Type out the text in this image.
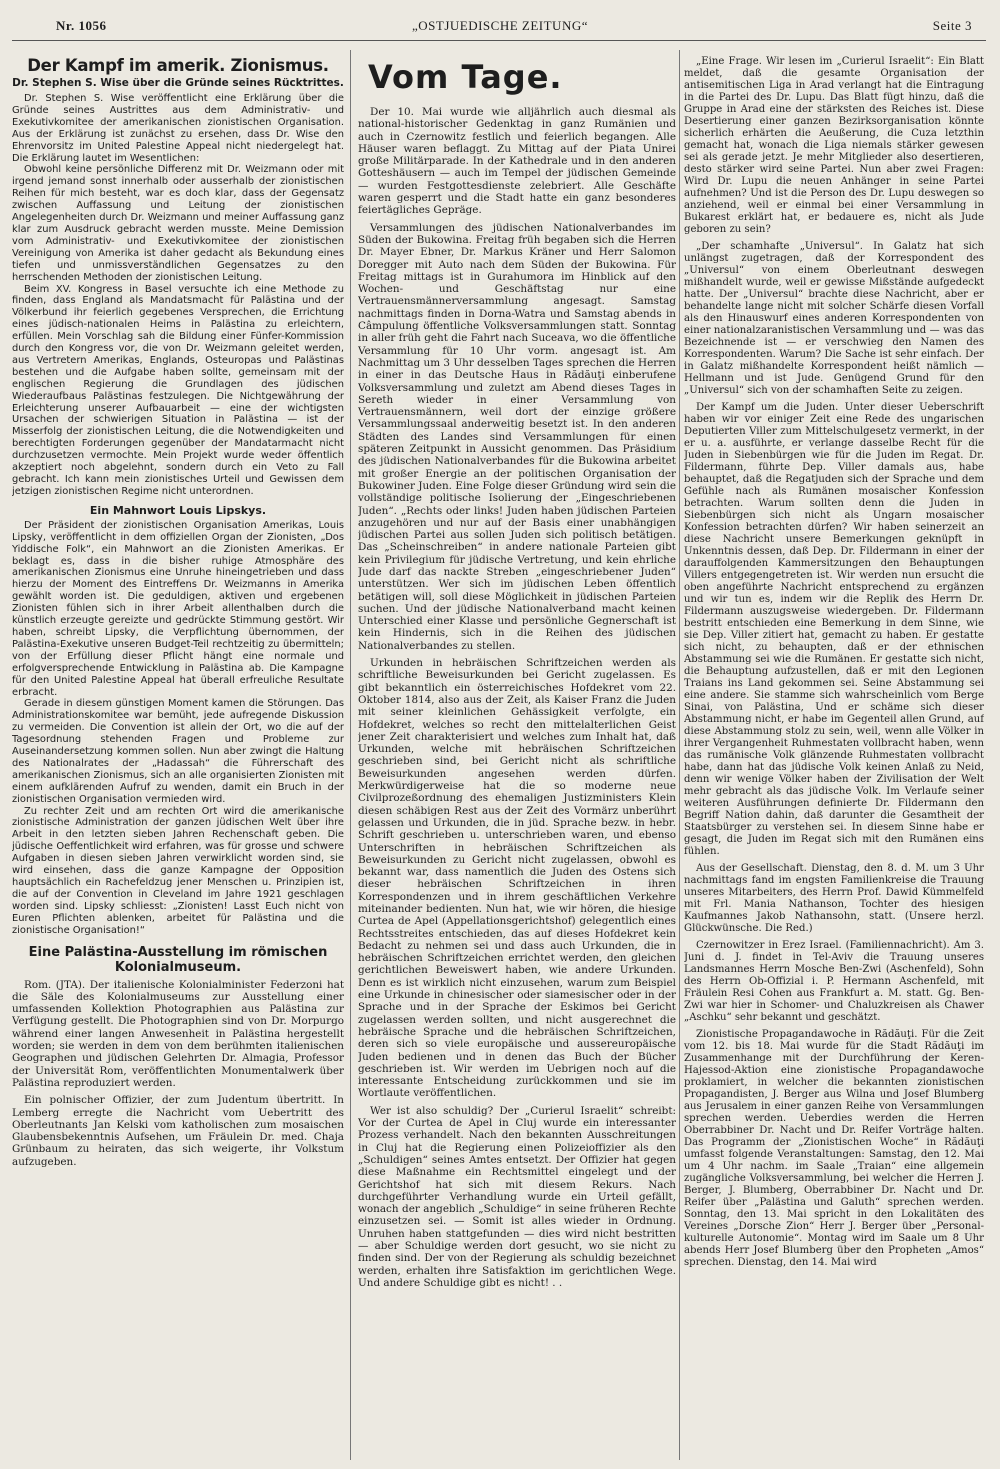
Nr. 1056	„OSTJUEDISCHE ZEITUNG“	Seite 3
Der Kampf im amerik. Zionismus.
Dr. Stephen S. Wise über die Gründe seines Rücktrittes.

Dr. Stephen S. Wise veröffentlicht eine Erklärung über die Gründe seines Austrittes aus dem Administrativ- und Exekutivkomitee der amerikanischen zionistischen Organisation. Aus der Erklärung ist zunächst zu ersehen, dass Dr. Wise den Ehrenvorsitz im United Palestine Appeal nicht niedergelegt hat. Die Erklärung lautet im Wesentlichen:

Obwohl keine persönliche Differenz mit Dr. Weizmann oder mit irgend jemand sonst innerhalb oder ausserhalb der zionistischen Reihen für mich besteht, war es doch klar, dass der Gegensatz zwischen Auffassung und Leitung der zionistischen Angelegenheiten durch Dr. Weizmann und meiner Auffassung ganz klar zum Ausdruck gebracht werden musste. Meine Demission vom Administrativ- und Exekutivkomitee der zionistischen Vereinigung von Amerika ist daher gedacht als Bekundung eines tiefen und unmissverständlichen Gegensatzes zu den herrschenden Methoden der zionistischen Leitung.

Beim XV. Kongress in Basel versuchte ich eine Methode zu finden, dass England als Mandatsmacht für Palästina und der Völkerbund ihr feierlich gegebenes Versprechen, die Errichtung eines jüdisch-nationalen Heims in Palästina zu erleichtern, erfüllen. Mein Vorschlag sah die Bildung einer Fünfer-Kommission durch den Kongress vor, die von Dr. Weizmann geleitet werden, aus Vertretern Amerikas, Englands, Osteuropas und Palästinas bestehen und die Aufgabe haben sollte, gemeinsam mit der englischen Regierung die Grundlagen des jüdischen Wiederaufbaus Palästinas festzulegen. Die Nichtgewährung der Erleichterung unserer Aufbauarbeit — eine der wichtigsten Ursachen der schwierigen Situation in Palästina — ist der Misserfolg der zionistischen Leitung, die die Notwendigkeiten und berechtigten Forderungen gegenüber der Mandatarmacht nicht durchzusetzen vermochte. Mein Projekt wurde weder öffentlich akzeptiert noch abgelehnt, sondern durch ein Veto zu Fall gebracht. Ich kann mein zionistisches Urteil und Gewissen dem jetzigen zionistischen Regime nicht unterordnen.

Ein Mahnwort Louis Lipskys.

Der Präsident der zionistischen Organisation Amerikas, Louis Lipsky, veröffentlicht in dem offiziellen Organ der Zionisten, „Dos Yiddische Folk“, ein Mahnwort an die Zionisten Amerikas. Er beklagt es, dass in die bisher ruhige Atmosphäre des amerikanischen Zionismus eine Unruhe hineingetrieben und dass hierzu der Moment des Eintreffens Dr. Weizmanns in Amerika gewählt worden ist. Die geduldigen, aktiven und ergebenen Zionisten fühlen sich in ihrer Arbeit allenthalben durch die künstlich erzeugte gereizte und gedrückte Stimmung gestört. Wir haben, schreibt Lipsky, die Verpflichtung übernommen, der Palästina-Exekutive unseren Budget-Teil rechtzeitig zu übermitteln; von der Erfüllung dieser Pflicht hängt eine normale und erfolgversprechende Entwicklung in Palästina ab. Die Kampagne für den United Palestine Appeal hat überall erfreuliche Resultate erbracht.

Gerade in diesem günstigen Moment kamen die Störungen. Das Administrationskomitee war bemüht, jede aufregende Diskussion zu vermeiden. Die Convention ist allein der Ort, wo die auf der Tagesordnung stehenden Fragen und Probleme zur Auseinandersetzung kommen sollen. Nun aber zwingt die Haltung des Nationalrates der „Hadassah“ die Führerschaft des amerikanischen Zionismus, sich an alle organisierten Zionisten mit einem aufklärenden Aufruf zu wenden, damit ein Bruch in der zionistischen Organisation vermieden wird.

Zu rechter Zeit und am rechten Ort wird die amerikanische zionistische Administration der ganzen jüdischen Welt über ihre Arbeit in den letzten sieben Jahren Rechenschaft geben. Die jüdische Oeffentlichkeit wird erfahren, was für grosse und schwere Aufgaben in diesen sieben Jahren verwirklicht worden sind, sie wird einsehen, dass die ganze Kampagne der Opposition hauptsächlich ein Rachefeldzug jener Menschen u. Prinzipien ist, die auf der Convention in Cleveland im Jahre 1921 geschlagen worden sind. Lipsky schliesst: „Zionisten! Lasst Euch nicht von Euren Pflichten ablenken, arbeitet für Palästina und die zionistische Organisation!“

Eine Palästina-Ausstellung im römischen Kolonialmuseum.

Rom. (JTA). Der italienische Kolonialminister Federzoni hat die Säle des Kolonialmuseums zur Ausstellung einer umfassenden Kollektion Photographien aus Palästina zur Verfügung gestellt. Die Photographien sind von Dr. Morpurgo während einer langen Anwesenheit in Palästina hergestellt worden; sie werden in dem von dem berühmten italienischen Geographen und jüdischen Gelehrten Dr. Almagia, Professor der Universität Rom, veröffentlichten Monumentalwerk über Palästina reproduziert werden.

Ein polnischer Offizier, der zum Judentum übertritt. In Lemberg erregte die Nachricht vom Uebertritt des Oberleutnants Jan Kelski vom katholischen zum mosaischen Glaubensbekenntnis Aufsehen, um Fräulein Dr. med. Chaja Grünbaum zu heiraten, das sich weigerte, ihr Volkstum aufzugeben.

Vom Tage.

Der 10. Mai wurde wie alljährlich auch diesmal als national-historischer Gedenktag in ganz Rumänien und auch in Czernowitz festlich und feierlich begangen. Alle Häuser waren beflaggt. Zu Mittag auf der Piata Unirei große Militärparade. In der Kathedrale und in den anderen Gotteshäusern — auch im Tempel der jüdischen Gemeinde — wurden Festgottesdienste zelebriert. Alle Geschäfte waren gesperrt und die Stadt hatte ein ganz besonderes feiertägliches Gepräge.

Versammlungen des jüdischen Nationalverbandes im Süden der Bukowina. Freitag früh begaben sich die Herren Dr. Mayer Ebner, Dr. Markus Kräner und Herr Salomon Doregger mit Auto nach dem Süden der Bukowina. Für Freitag mittags ist in Gurahumora im Hinblick auf den Wochen- und Geschäftstag nur eine Vertrauensmännerversammlung angesagt. Samstag nachmittags finden in Dorna-Watra und Samstag abends in Câmpulung öffentliche Volksversammlungen statt. Sonntag in aller früh geht die Fahrt nach Suceava, wo die öffentliche Versammlung für 10 Uhr vorm. angesagt ist. Am Nachmittag um 3 Uhr desselben Tages sprechen die Herren in einer in das Deutsche Haus in Rădăuţi einberufene Volksversammlung und zuletzt am Abend dieses Tages in Sereth wieder in einer Versammlung von Vertrauensmännern, weil dort der einzige größere Versammlungssaal anderweitig besetzt ist. In den anderen Städten des Landes sind Versammlungen für einen späteren Zeitpunkt in Aussicht genommen. Das Präsidium des jüdischen Nationalverbandes für die Bukowina arbeitet mit großer Energie an der politischen Organisation der Bukowiner Juden. Eine Folge dieser Gründung wird sein die vollständige politische Isolierung der „Eingeschriebenen Juden“. „Rechts oder links! Juden haben jüdischen Parteien anzugehören und nur auf der Basis einer unabhängigen jüdischen Partei aus sollen Juden sich politisch betätigen. Das „Scheinschreiben“ in andere nationale Parteien gibt kein Privilegium für jüdische Vertretung, und kein ehrliche Jude darf das nackte Streben „eingeschriebener Juden“ unterstützen. Wer sich im jüdischen Leben öffentlich betätigen will, soll diese Möglichkeit in jüdischen Parteien suchen. Und der jüdische Nationalverband macht keinen Unterschied einer Klasse und persönliche Gegnerschaft ist kein Hindernis, sich in die Reihen des jüdischen Nationalverbandes zu stellen.

Urkunden in hebräischen Schriftzeichen werden als schriftliche Beweisurkunden bei Gericht zugelassen. Es gibt bekanntlich ein österreichisches Hofdekret vom 22. Oktober 1814, also aus der Zeit, als Kaiser Franz die Juden mit seiner kleinlichen Gehässigkeit verfolgte, ein Hofdekret, welches so recht den mittelalterlichen Geist jener Zeit charakterisiert und welches zum Inhalt hat, daß Urkunden, welche mit hebräischen Schriftzeichen geschrieben sind, bei Gericht nicht als schriftliche Beweisurkunden angesehen werden dürfen. Merkwürdigerweise hat die so moderne neue Civilprozeßordnung des ehemaligen Justizministers Klein diesen schäbigen Rest aus der Zeit des Vormärz unberührt gelassen und Urkunden, die in jüd. Sprache bezw. in hebr. Schrift geschrieben u. unterschrieben waren, und ebenso Unterschriften in hebräischen Schriftzeichen als Beweisurkunden zu Gericht nicht zugelassen, obwohl es bekannt war, dass namentlich die Juden des Ostens sich dieser hebräischen Schriftzeichen in ihren Korrespondenzen und in ihrem geschäftlichen Verkehre miteinander bedienten. Nun hat, wie wir hören, die hiesige Curtea de Apel (Appellationsgerichtshof) gelegentlich eines Rechtsstreites entschieden, das auf dieses Hofdekret kein Bedacht zu nehmen sei und dass auch Urkunden, die in hebräischen Schriftzeichen errichtet werden, den gleichen gerichtlichen Beweiswert haben, wie andere Urkunden. Denn es ist wirklich nicht einzusehen, warum zum Beispiel eine Urkunde in chinesischer oder siamesischer oder in der Sprache und in der Sprache der Eskimos bei Gericht zugelassen werden sollten, und nicht ausgerechnet die hebräische Sprache und die hebräischen Schriftzeichen, deren sich so viele europäische und aussereuropäische Juden bedienen und in denen das Buch der Bücher geschrieben ist. Wir werden im Uebrigen noch auf die interessante Entscheidung zurückkommen und sie im Wortlaute veröffentlichen.

Wer ist also schuldig? Der „Curierul Israelit“ schreibt: Vor der Curtea de Apel in Cluj wurde ein interessanter Prozess verhandelt. Nach den bekannten Ausschreitungen in Cluj hat die Regierung einen Polizeioffizier als den „Schuldigen“ seines Amtes entsetzt. Der Offizier hat gegen diese Maßnahme ein Rechtsmittel eingelegt und der Gerichtshof hat sich mit diesem Rekurs. Nach durchgeführter Verhandlung wurde ein Urteil gefällt, wonach der angeblich „Schuldige“ in seine früheren Rechte einzusetzen sei. — Somit ist alles wieder in Ordnung. Unruhen haben stattgefunden — dies wird nicht bestritten — aber Schuldige werden dort gesucht, wo sie nicht zu finden sind. Der von der Regierung als schuldig bezeichnet werden, erhalten ihre Satisfaktion im gerichtlichen Wege. Und andere Schuldige gibt es nicht! . .

„Eine Frage. Wir lesen im „Curierul Israelit“: Ein Blatt meldet, daß die gesamte Organisation der antisemitischen Liga in Arad verlangt hat die Eintragung in die Partei des Dr. Lupu. Das Blatt fügt hinzu, daß die Gruppe in Arad eine der stärksten des Reiches ist. Diese Desertierung einer ganzen Bezirksorganisation könnte sicherlich erhärten die Aeußerung, die Cuza letzthin gemacht hat, wonach die Liga niemals stärker gewesen sei als gerade jetzt. Je mehr Mitglieder also desertieren, desto stärker wird seine Partei. Nun aber zwei Fragen: Wird Dr. Lupu die neuen Anhänger in seine Partei aufnehmen? Und ist die Person des Dr. Lupu deswegen so anziehend, weil er einmal bei einer Versammlung in Bukarest erklärt hat, er bedauere es, nicht als Jude geboren zu sein?

„Der schamhafte „Universul“. In Galatz hat sich unlängst zugetragen, daß der Korrespondent des „Universul“ von einem Oberleutnant deswegen mißhandelt wurde, weil er gewisse Mißstände aufgedeckt hatte. Der „Universul“ brachte diese Nachricht, aber er behandelte lange nicht mit solcher Schärfe diesen Vorfall als den Hinauswurf eines anderen Korrespondenten von einer nationalzaranistischen Versammlung und — was das Bezeichnende ist — er verschwieg den Namen des Korrespondenten. Warum? Die Sache ist sehr einfach. Der in Galatz mißhandelte Korrespondent heißt nämlich — Hellmann und ist Jude. Genügend Grund für den „Universul“ sich von der schamhaften Seite zu zeigen.

Der Kampf um die Juden. Unter dieser Ueberschrift haben wir vor einiger Zeit eine Rede des ungarischen Deputierten Viller zum Mittelschulgesetz vermerkt, in der er u. a. ausführte, er verlange dasselbe Recht für die Juden in Siebenbürgen wie für die Juden im Regat. Dr. Fildermann, führte Dep. Viller damals aus, habe behauptet, daß die Regatjuden sich der Sprache und dem Gefühle nach als Rumänen mosaischer Konfession betrachten. Warum sollten denn die Juden in Siebenbürgen sich nicht als Ungarn mosaischer Konfession betrachten dürfen? Wir haben seinerzeit an diese Nachricht unsere Bemerkungen geknüpft in Unkenntnis dessen, daß Dep. Dr. Fildermann in einer der darauffolgenden Kammersitzungen den Behauptungen Villers entgegengetreten ist. Wir werden nun ersucht die oben angeführte Nachricht entsprechend zu ergänzen und wir tun es, indem wir die Replik des Herrn Dr. Fildermann auszugsweise wiedergeben. Dr. Fildermann bestritt entschieden eine Bemerkung in dem Sinne, wie sie Dep. Viller zitiert hat, gemacht zu haben. Er gestatte sich nicht, zu behaupten, daß er der ethnischen Abstammung sei wie die Rumänen. Er gestatte sich nicht, die Behauptung aufzustellen, daß er mit den Legionen Traians ins Land gekommen sei. Seine Abstammung sei eine andere. Sie stamme sich wahrscheinlich vom Berge Sinai, von Palästina, Und er schäme sich dieser Abstammung nicht, er habe im Gegenteil allen Grund, auf diese Abstammung stolz zu sein, weil, wenn alle Völker in ihrer Vergangenheit Ruhmestaten vollbracht haben, wenn das rumänische Volk glänzende Ruhmestaten vollbracht habe, dann hat das jüdische Volk keinen Anlaß zu Neid, denn wir wenige Völker haben der Zivilisation der Welt mehr gebracht als das jüdische Volk. Im Verlaufe seiner weiteren Ausführungen definierte Dr. Fildermann den Begriff Nation dahin, daß darunter die Gesamtheit der Staatsbürger zu verstehen sei. In diesem Sinne habe er gesagt, die Juden im Regat sich mit den Rumänen eins fühlen.

Aus der Gesellschaft. Dienstag, den 8. d. M. um 3 Uhr nachmittags fand im engsten Familienkreise die Trauung unseres Mitarbeiters, des Herrn Prof. Dawid Kümmelfeld mit Frl. Mania Nathanson, Tochter des hiesigen Kaufmannes Jakob Nathansohn, statt. (Unsere herzl. Glückwünsche. Die Red.)

Czernowitzer in Erez Israel. (Familiennachricht). Am 3. Juni d. J. findet in Tel-Aviv die Trauung unseres Landsmannes Herrn Mosche Ben-Zwi (Aschenfeld), Sohn des Herrn Ob-Offizial i. P. Hermann Aschenfeld, mit Fräulein Resi Cohen aus Frankfurt a. M. statt. Gg. Ben-Zwi war hier in Schomer- und Chaluzkreisen als Chawer „Aschku“ sehr bekannt und geschätzt.

Zionistische Propagandawoche in Rădăuţi. Für die Zeit vom 12. bis 18. Mai wurde für die Stadt Rădăuţi im Zusammenhange mit der Durchführung der Keren-Hajessod-Aktion eine zionistische Propagandawoche proklamiert, in welcher die bekannten zionistischen Propagandisten, J. Berger aus Wilna und Josef Blumberg aus Jerusalem in einer ganzen Reihe von Versammlungen sprechen werden. Ueberdies werden die Herren Oberrabbiner Dr. Nacht und Dr. Reifer Vorträge halten. Das Programm der „Zionistischen Woche“ in Rădăuţi umfasst folgende Veranstaltungen: Samstag, den 12. Mai um 4 Uhr nachm. im Saale „Traian“ eine allgemein zugängliche Volksversammlung, bei welcher die Herren J. Berger, J. Blumberg, Oberrabbiner Dr. Nacht und Dr. Reifer über „Palästina und Galuth“ sprechen werden. Sonntag, den 13. Mai spricht in den Lokalitäten des Vereines „Dorsche Zion“ Herr J. Berger über „Personal-kulturelle Autonomie“. Montag wird im Saale um 8 Uhr abends Herr Josef Blumberg über den Propheten „Amos“ sprechen. Dienstag, den 14. Mai wird
